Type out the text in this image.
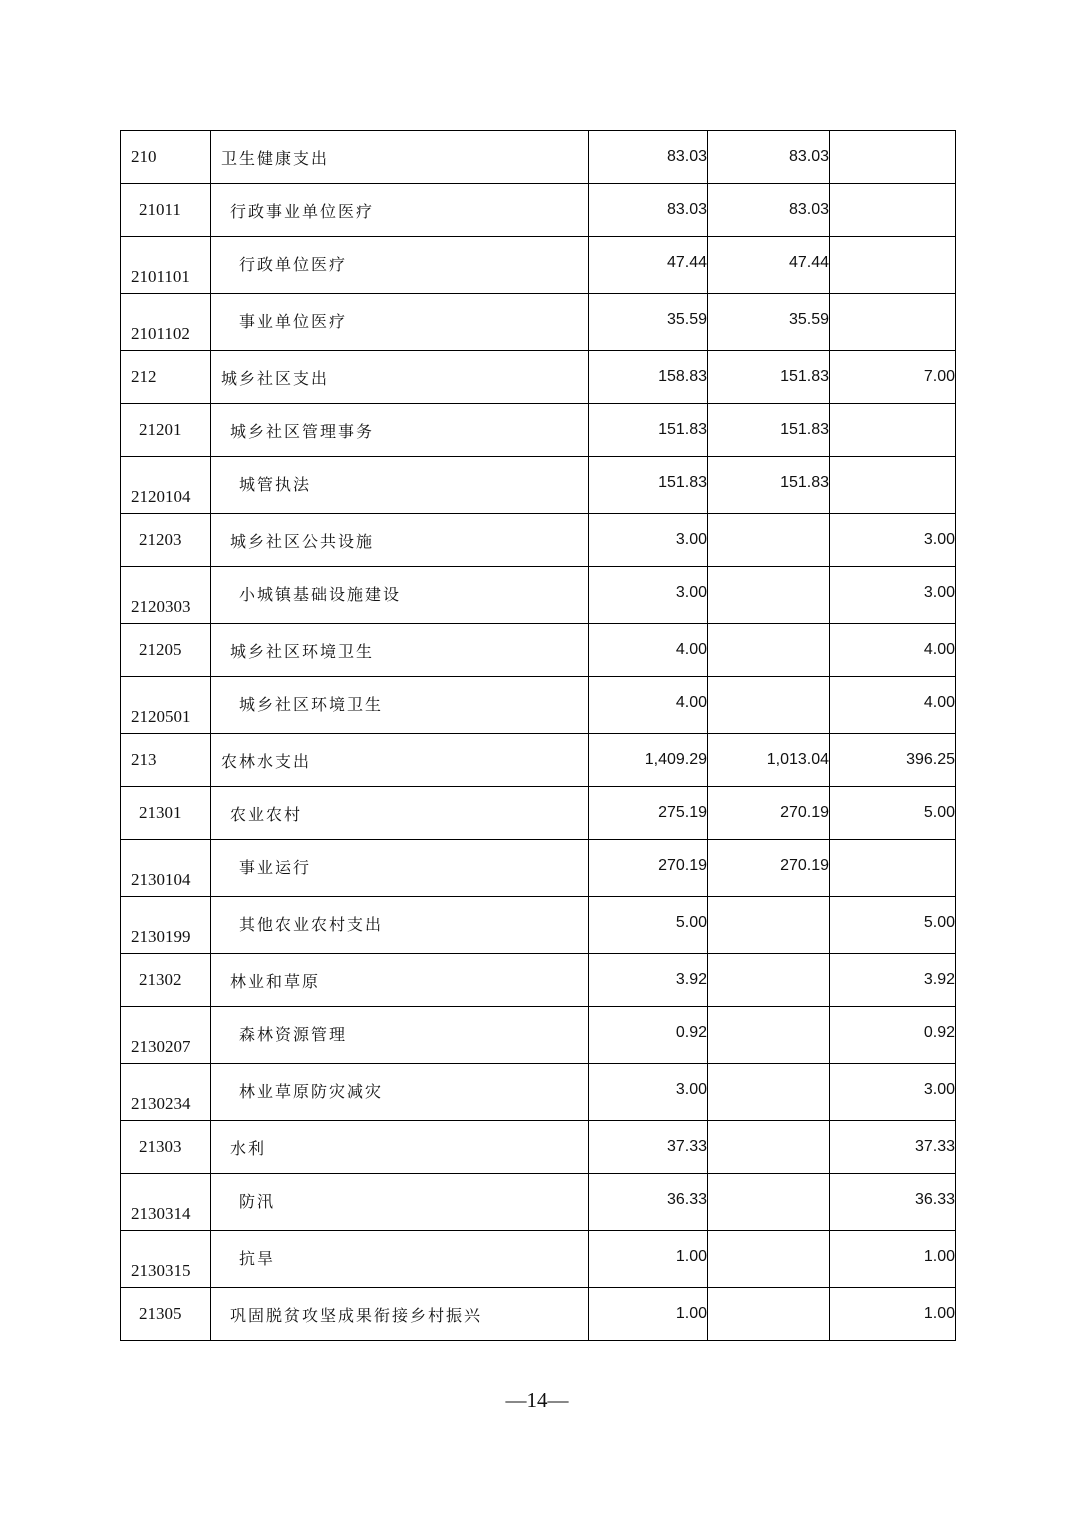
210	卫生健康支出	83.03	83.03	
21011	行政事业单位医疗	83.03	83.03	
2101101	行政单位医疗	47.44	47.44	
2101102	事业单位医疗	35.59	35.59	
212	城乡社区支出	158.83	151.83	7.00
21201	城乡社区管理事务	151.83	151.83	
2120104	城管执法	151.83	151.83	
21203	城乡社区公共设施	3.00		3.00
2120303	小城镇基础设施建设	3.00		3.00
21205	城乡社区环境卫生	4.00		4.00
2120501	城乡社区环境卫生	4.00		4.00
213	农林水支出	1,409.29	1,013.04	396.25
21301	农业农村	275.19	270.19	5.00
2130104	事业运行	270.19	270.19	
2130199	其他农业农村支出	5.00		5.00
21302	林业和草原	3.92		3.92
2130207	森林资源管理	0.92		0.92
2130234	林业草原防灾减灾	3.00		3.00
21303	水利	37.33		37.33
2130314	防汛	36.33		36.33
2130315	抗旱	1.00		1.00
21305	巩固脱贫攻坚成果衔接乡村振兴	1.00		1.00
—14—
